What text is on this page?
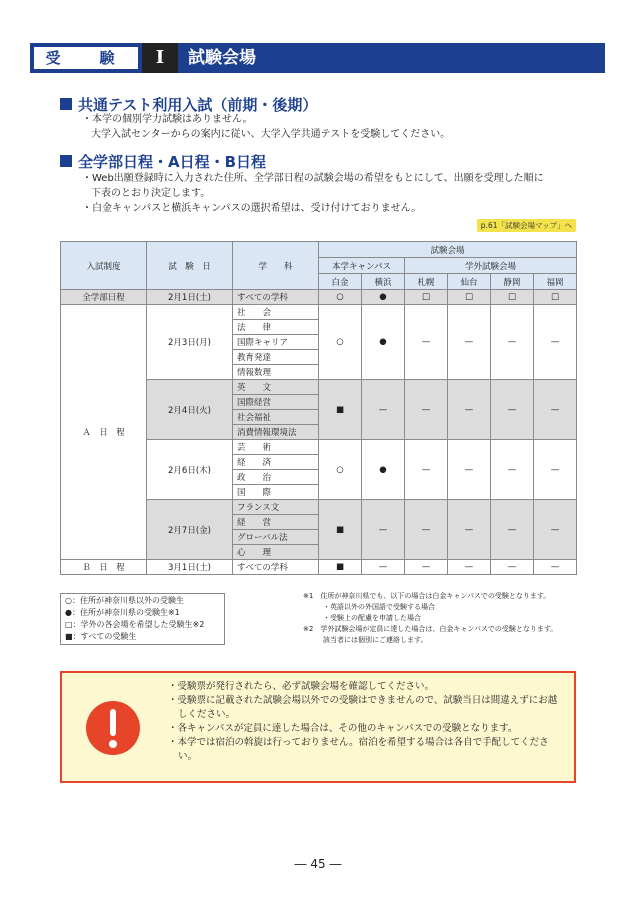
受　験	I	試験会場
共通テスト利用入試（前期・後期）
・本学の個別学力試験はありません。
大学入試センターからの案内に従い、大学入学共通テストを受験してください。
全学部日程・A日程・B日程
・Web出願登録時に入力された住所、全学部日程の試験会場の希望をもとにして、出願を受理した順に
下表のとおり決定します。
・白金キャンパスと横浜キャンパスの選択希望は、受け付けておりません。
p.61「試験会場マップ」へ
入試制度	試　験　日	学　　科	試験会場					
			本学キャンパス		学外試験会場			
			白金	横浜	札幌	仙台	静岡	福岡
全学部日程	2月1日(土)	すべての学科	○	●	□	□	□	□
Ａ　日　程	2月3日(月)	社　　会	○	●	—	—	—	—
		法　　律						
		国際キャリア						
		教育発達						
		情報数理						
	2月4日(火)	英　　文	■	—	—	—	—	—
		国際経営						
		社会福祉						
		消費情報環境法						
	2月6日(木)	芸　　術	○	●	—	—	—	—
		経　　済						
		政　　治						
		国　　際						
	2月7日(金)	フランス文	■	—	—	—	—	—
		経　　営						
		グローバル法						
		心　　理						
Ｂ　日　程	3月1日(土)	すべての学科	■	—	—	—	—	—
○：住所が神奈川県以外の受験生
●：住所が神奈川県の受験生※1
□：学外の各会場を希望した受験生※2
■：すべての受験生
※1　住所が神奈川県でも、以下の場合は白金キャンパスでの受験となります。
・英語以外の外国語で受験する場合
・受験上の配慮を申請した場合
※2　学外試験会場が定員に達した場合は、白金キャンパスでの受験となります。
該当者には個別にご連絡します。
・受験票が発行されたら、必ず試験会場を確認してください。
・受験票に記載された試験会場以外での受験はできませんので、試験当日は間違えずにお越しください。
・各キャンパスが定員に達した場合は、その他のキャンパスでの受験となります。
・本学では宿泊の斡旋は行っておりません。宿泊を希望する場合は各自で手配してください。
― 45 ―
